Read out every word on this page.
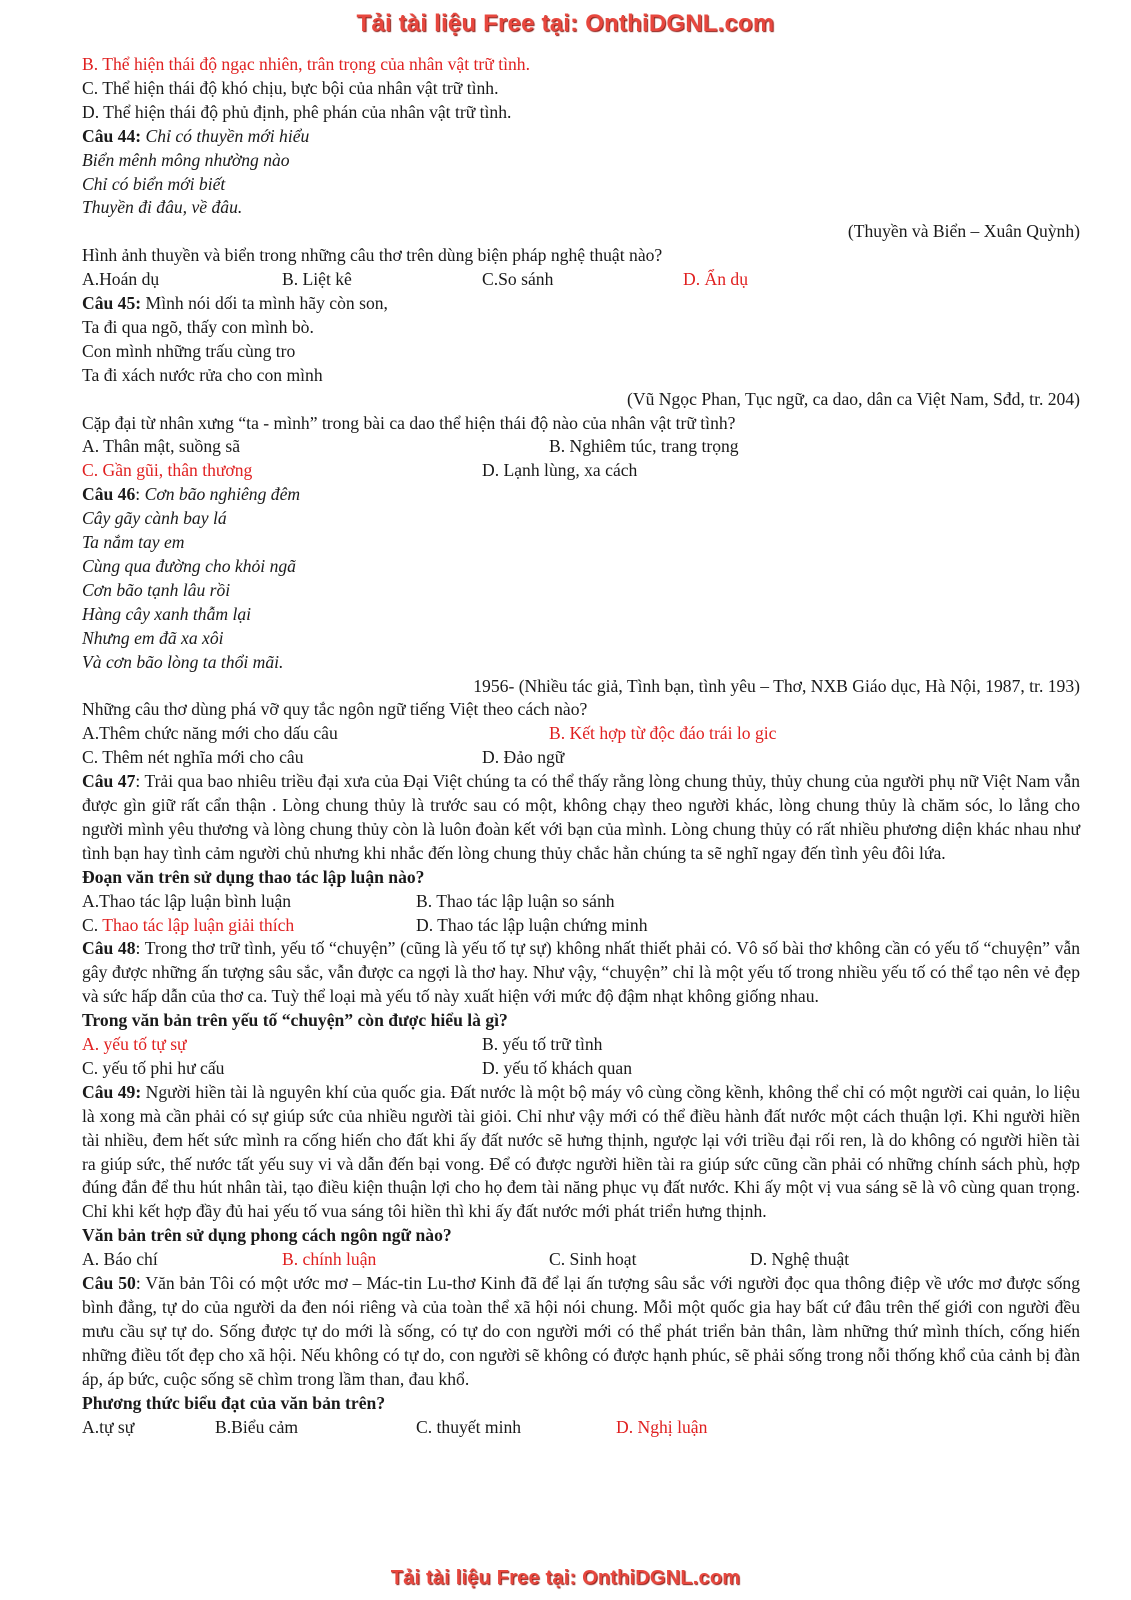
Tải tài liệu Free tại: OnthiDGNL.com
B. Thể hiện thái độ ngạc nhiên, trân trọng của nhân vật trữ tình.
C. Thể hiện thái độ khó chịu, bực bội của nhân vật trữ tình.
D. Thể hiện thái độ phủ định, phê phán của nhân vật trữ tình.
Câu 44: Chỉ có thuyền mới hiểu
Biển mênh mông nhường nào
Chỉ có biển mới biết
Thuyền đi đâu, về đâu.
(Thuyền và Biển – Xuân Quỳnh)
Hình ảnh thuyền và biển trong những câu thơ trên dùng biện pháp nghệ thuật nào?
A.Hoán dụ	B. Liệt kê	C.So sánh	D. Ẩn dụ
Câu 45: Mình nói dối ta mình hãy còn son,
Ta đi qua ngõ, thấy con mình bò.
Con mình những trấu cùng tro
Ta đi xách nước rửa cho con mình
(Vũ Ngọc Phan, Tục ngữ, ca dao, dân ca Việt Nam, Sđd, tr. 204)
Cặp đại từ nhân xưng “ta - mình” trong bài ca dao thể hiện thái độ nào của nhân vật trữ tình?
A. Thân mật, suồng sã	B. Nghiêm túc, trang trọng
C. Gần gũi, thân thương	D. Lạnh lùng, xa cách
Câu 46: Cơn bão nghiêng đêm
Cây gãy cành bay lá
Ta nắm tay em
Cùng qua đường cho khỏi ngã
Cơn bão tạnh lâu rồi
Hàng cây xanh thẫm lại
Nhưng em đã xa xôi
Và cơn bão lòng ta thổi mãi.
1956- (Nhiều tác giả, Tình bạn, tình yêu – Thơ, NXB Giáo dục, Hà Nội, 1987, tr. 193)
Những câu thơ dùng phá vỡ quy tắc ngôn ngữ tiếng Việt theo cách nào?
A.Thêm chức năng mới cho dấu câu	B. Kết hợp từ độc đáo trái lo gic
C. Thêm nét nghĩa mới cho câu	D. Đảo ngữ
Câu 47: Trải qua bao nhiêu triều đại xưa của Đại Việt chúng ta có thể thấy rằng lòng chung thủy, thủy chung của người phụ nữ Việt Nam vẫn được gìn giữ rất cẩn thận . Lòng chung thủy là trước sau có một, không chạy theo người khác, lòng chung thủy là chăm sóc, lo lắng cho người mình yêu thương và lòng chung thủy còn là luôn đoàn kết với bạn của mình. Lòng chung thủy có rất nhiều phương diện khác nhau như tình bạn hay tình cảm người chủ nhưng khi nhắc đến lòng chung thủy chắc hẳn chúng ta sẽ nghĩ ngay đến tình yêu đôi lứa.
Đoạn văn trên sử dụng thao tác lập luận nào?
A.Thao tác lập luận bình luận	B. Thao tác lập luận so sánh
C. Thao tác lập luận giải thích	D. Thao tác lập luận chứng minh
Câu 48: Trong thơ trữ tình, yếu tố “chuyện” (cũng là yếu tố tự sự) không nhất thiết phải có. Vô số bài thơ không cần có yếu tố “chuyện” vẫn gây được những ấn tượng sâu sắc, vẫn được ca ngợi là thơ hay. Như vậy, “chuyện” chỉ là một yếu tố trong nhiều yếu tố có thể tạo nên vẻ đẹp và sức hấp dẫn của thơ ca. Tuỳ thể loại mà yếu tố này xuất hiện với mức độ đậm nhạt không giống nhau.
Trong văn bản trên yếu tố “chuyện” còn được hiểu là gì?
A. yếu tố tự sự	B. yếu tố trữ tình
C. yếu tố phi hư cấu	D. yếu tố khách quan
Câu 49: Người hiền tài là nguyên khí của quốc gia. Đất nước là một bộ máy vô cùng cồng kềnh, không thể chỉ có một người cai quản, lo liệu là xong mà cần phải có sự giúp sức của nhiều người tài giỏi. Chỉ như vậy mới có thể điều hành đất nước một cách thuận lợi. Khi người hiền tài nhiều, đem hết sức mình ra cống hiến cho đất khi ấy đất nước sẽ hưng thịnh, ngược lại với triều đại rối ren, là do không có người hiền tài ra giúp sức, thế nước tất yếu suy vi và dẫn đến bại vong. Để có được người hiền tài ra giúp sức cũng cần phải có những chính sách phù, hợp đúng đắn để thu hút nhân tài, tạo điều kiện thuận lợi cho họ đem tài năng phục vụ đất nước. Khi ấy một vị vua sáng sẽ là vô cùng quan trọng. Chỉ khi kết hợp đầy đủ hai yếu tố vua sáng tôi hiền thì khi ấy đất nước mới phát triển hưng thịnh.
Văn bản trên sử dụng phong cách ngôn ngữ nào?
A. Báo chí	B. chính luận	C. Sinh hoạt	D. Nghệ thuật
Câu 50: Văn bản Tôi có một ước mơ – Mác-tin Lu-thơ Kinh đã để lại ấn tượng sâu sắc với người đọc qua thông điệp về ước mơ được sống bình đẳng, tự do của người da đen nói riêng và của toàn thể xã hội nói chung. Mỗi một quốc gia hay bất cứ đâu trên thế giới con người đều mưu cầu sự tự do. Sống được tự do mới là sống, có tự do con người mới có thể phát triển bản thân, làm những thứ mình thích, cống hiến những điều tốt đẹp cho xã hội. Nếu không có tự do, con người sẽ không có được hạnh phúc, sẽ phải sống trong nỗi thống khổ của cảnh bị đàn áp, áp bức, cuộc sống sẽ chìm trong lầm than, đau khổ.
Phương thức biểu đạt của văn bản trên?
A.tự sự	B.Biểu cảm	C. thuyết minh	D. Nghị luận
Tải tài liệu Free tại: OnthiDGNL.com
